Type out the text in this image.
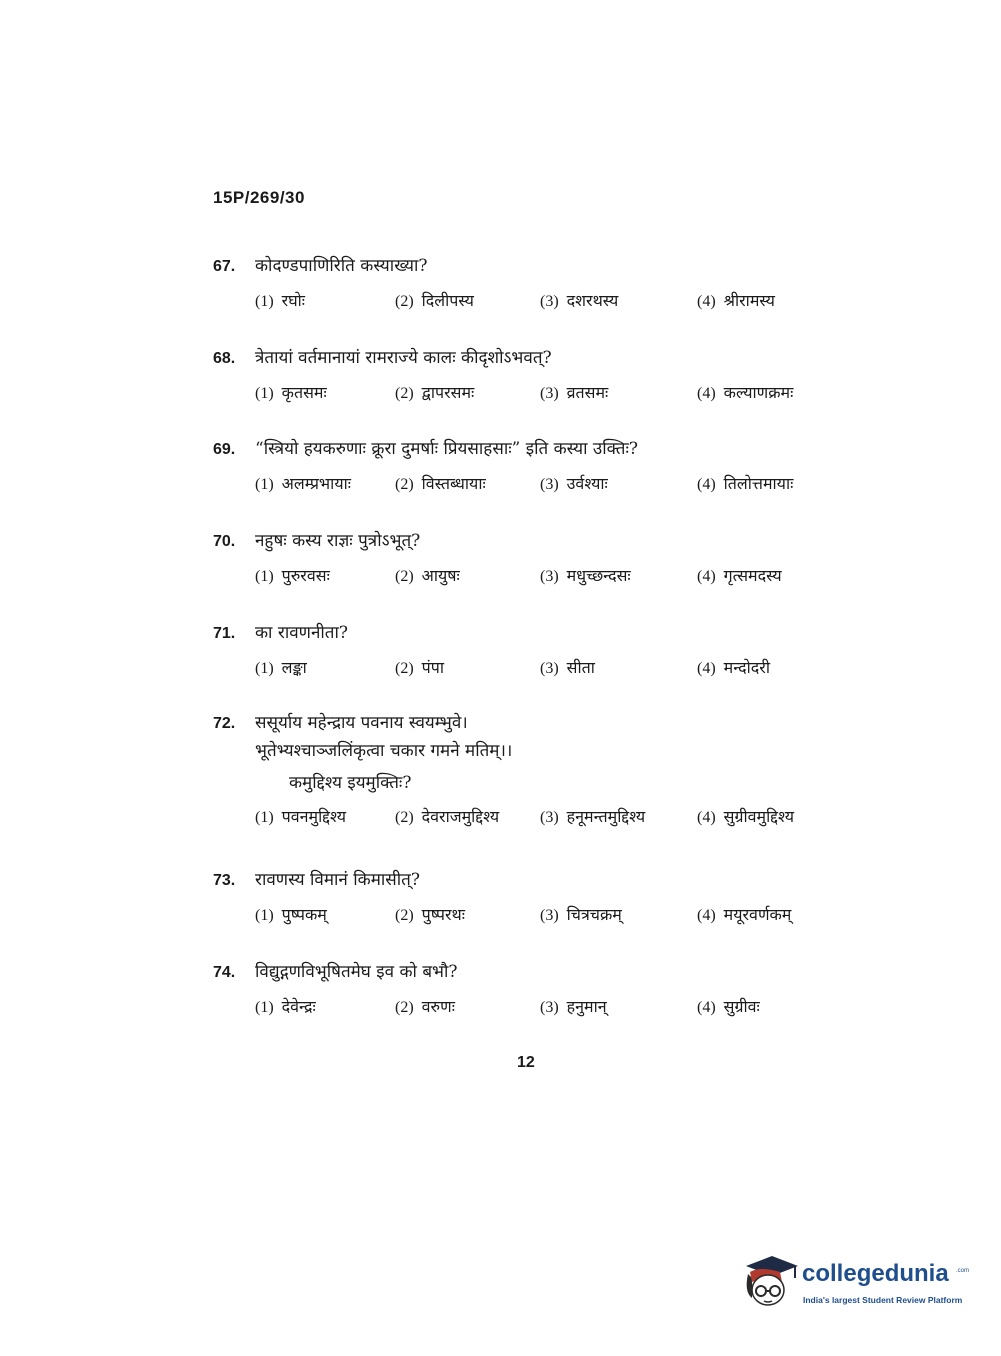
15P/269/30
67. कोदण्डपाणिरिति कस्याख्या?
(1) रघोः	(2) दिलीपस्य	(3) दशरथस्य	(4) श्रीरामस्य
68. त्रेतायां वर्तमानायां रामराज्ये कालः कीदृशोऽभवत्?
(1) कृतसमः	(2) द्वापरसमः	(3) व्रतसमः	(4) कल्याणक्रमः
69. “स्त्रियो हयकरुणाः क्रूरा दुमर्षाः प्रियसाहसाः” इति कस्या उक्तिः?
(1) अलम्प्रभायाः	(2) विस्तब्धायाः	(3) उर्वश्याः	(4) तिलोत्तमायाः
70. नहुषः कस्य राज्ञः पुत्रोऽभूत्?
(1) पुरुरवसः	(2) आयुषः	(3) मधुच्छन्दसः	(4) गृत्समदस्य
71. का रावणनीता?
(1) लङ्का	(2) पंपा	(3) सीता	(4) मन्दोदरी
72. ससूर्याय महेन्द्राय पवनाय स्वयम्भुवे।
भूतेभ्यश्चाञ्जलिंकृत्वा चकार गमने मतिम्।।
कमुद्दिश्य इयमुक्तिः?
(1) पवनमुद्दिश्य	(2) देवराजमुद्दिश्य	(3) हनूमन्तमुद्दिश्य	(4) सुग्रीवमुद्दिश्य
73. रावणस्य विमानं किमासीत्?
(1) पुष्पकम्	(2) पुष्परथः	(3) चित्रचक्रम्	(4) मयूरवर्णकम्
74. विद्युद्गणविभूषितमेघ इव को बभौ?
(1) देवेन्द्रः	(2) वरुणः	(3) हनुमान्	(4) सुग्रीवः
12
collegedunia .com
India's largest Student Review Platform
